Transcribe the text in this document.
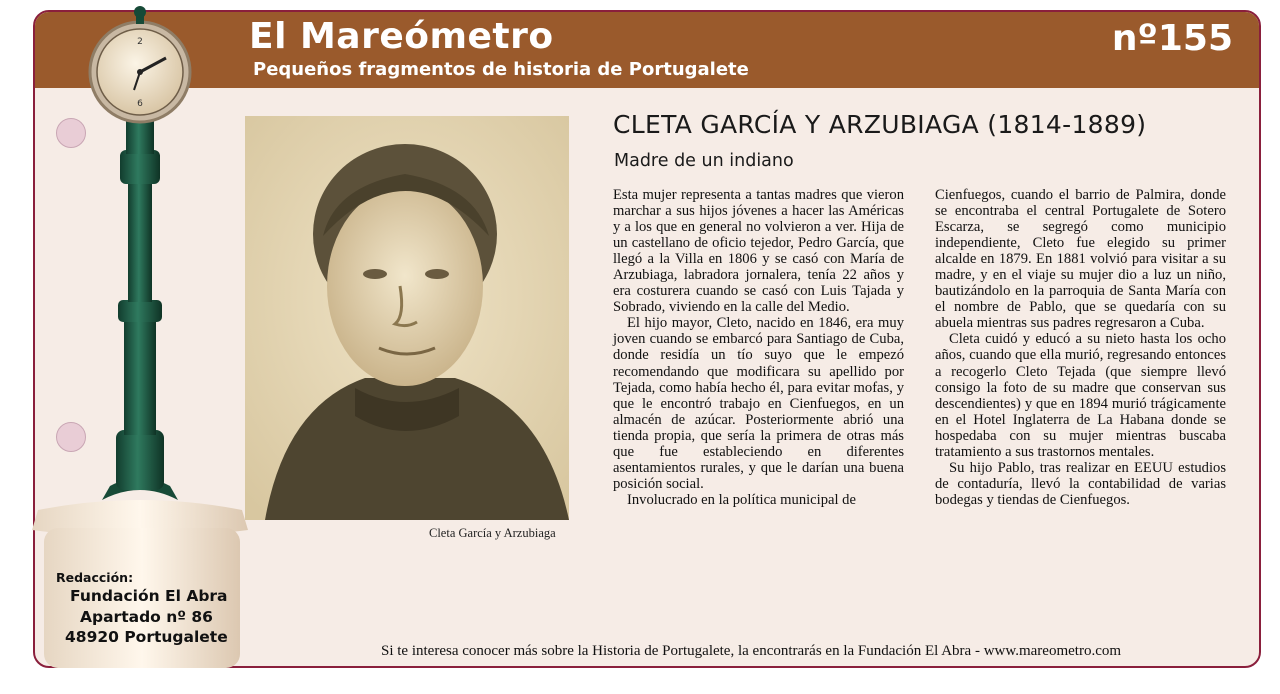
El Mareómetro
Pequeños fragmentos de historia de Portugalete
nº155
2
6
Cleta García y Arzubiaga
CLETA GARCÍA Y ARZUBIAGA (1814-1889)
Madre de un indiano

Esta mujer representa a tantas madres que vieron marchar a sus hijos jóvenes a hacer las Américas y a los que en general no volvieron a ver. Hija de un castellano de oficio tejedor, Pedro García, que llegó a la Villa en 1806 y se casó con María de Arzubiaga, labradora jornalera, tenía 22 años y era costurera cuando se casó con Luis Tajada y Sobrado, viviendo en la calle del Medio.

El hijo mayor, Cleto, nacido en 1846, era muy joven cuando se embarcó para Santiago de Cuba, donde residía un tío suyo que le empezó recomendando que modificara su apellido por Tejada, como había hecho él, para evitar mofas, y que le encontró trabajo en Cienfuegos, en un almacén de azúcar. Posteriormente abrió una tienda propia, que sería la primera de otras más que fue estableciendo en diferentes asentamientos rurales, y que le darían una buena posición social.

Involucrado en la política municipal de

Cienfuegos, cuando el barrio de Palmira, donde se encontraba el central Portugalete de Sotero Escarza, se segregó como municipio independiente, Cleto fue elegido su primer alcalde en 1879. En 1881 volvió para visitar a su madre, y en el viaje su mujer dio a luz un niño, bautizándolo en la parroquia de Santa María con el nombre de Pablo, que se quedaría con su abuela mientras sus padres regresaron a Cuba.

Cleta cuidó y educó a su nieto hasta los ocho años, cuando que ella murió, regresando entonces a recogerlo Cleto Tejada (que siempre llevó consigo la foto de su madre que conservan sus descendientes) y que en 1894 murió trágicamente en el Hotel Inglaterra de La Habana donde se hospedaba con su mujer mientras buscaba tratamiento a sus trastornos mentales.

Su hijo Pablo, tras realizar en EEUU estudios de contaduría, llevó la contabilidad de varias bodegas y tiendas de Cienfuegos.

Redacción:
Fundación El Abra
Apartado nº 86
48920 Portugalete
Si te interesa conocer más sobre la Historia de Portugalete, la encontrarás en la Fundación El Abra - www.mareometro.com
